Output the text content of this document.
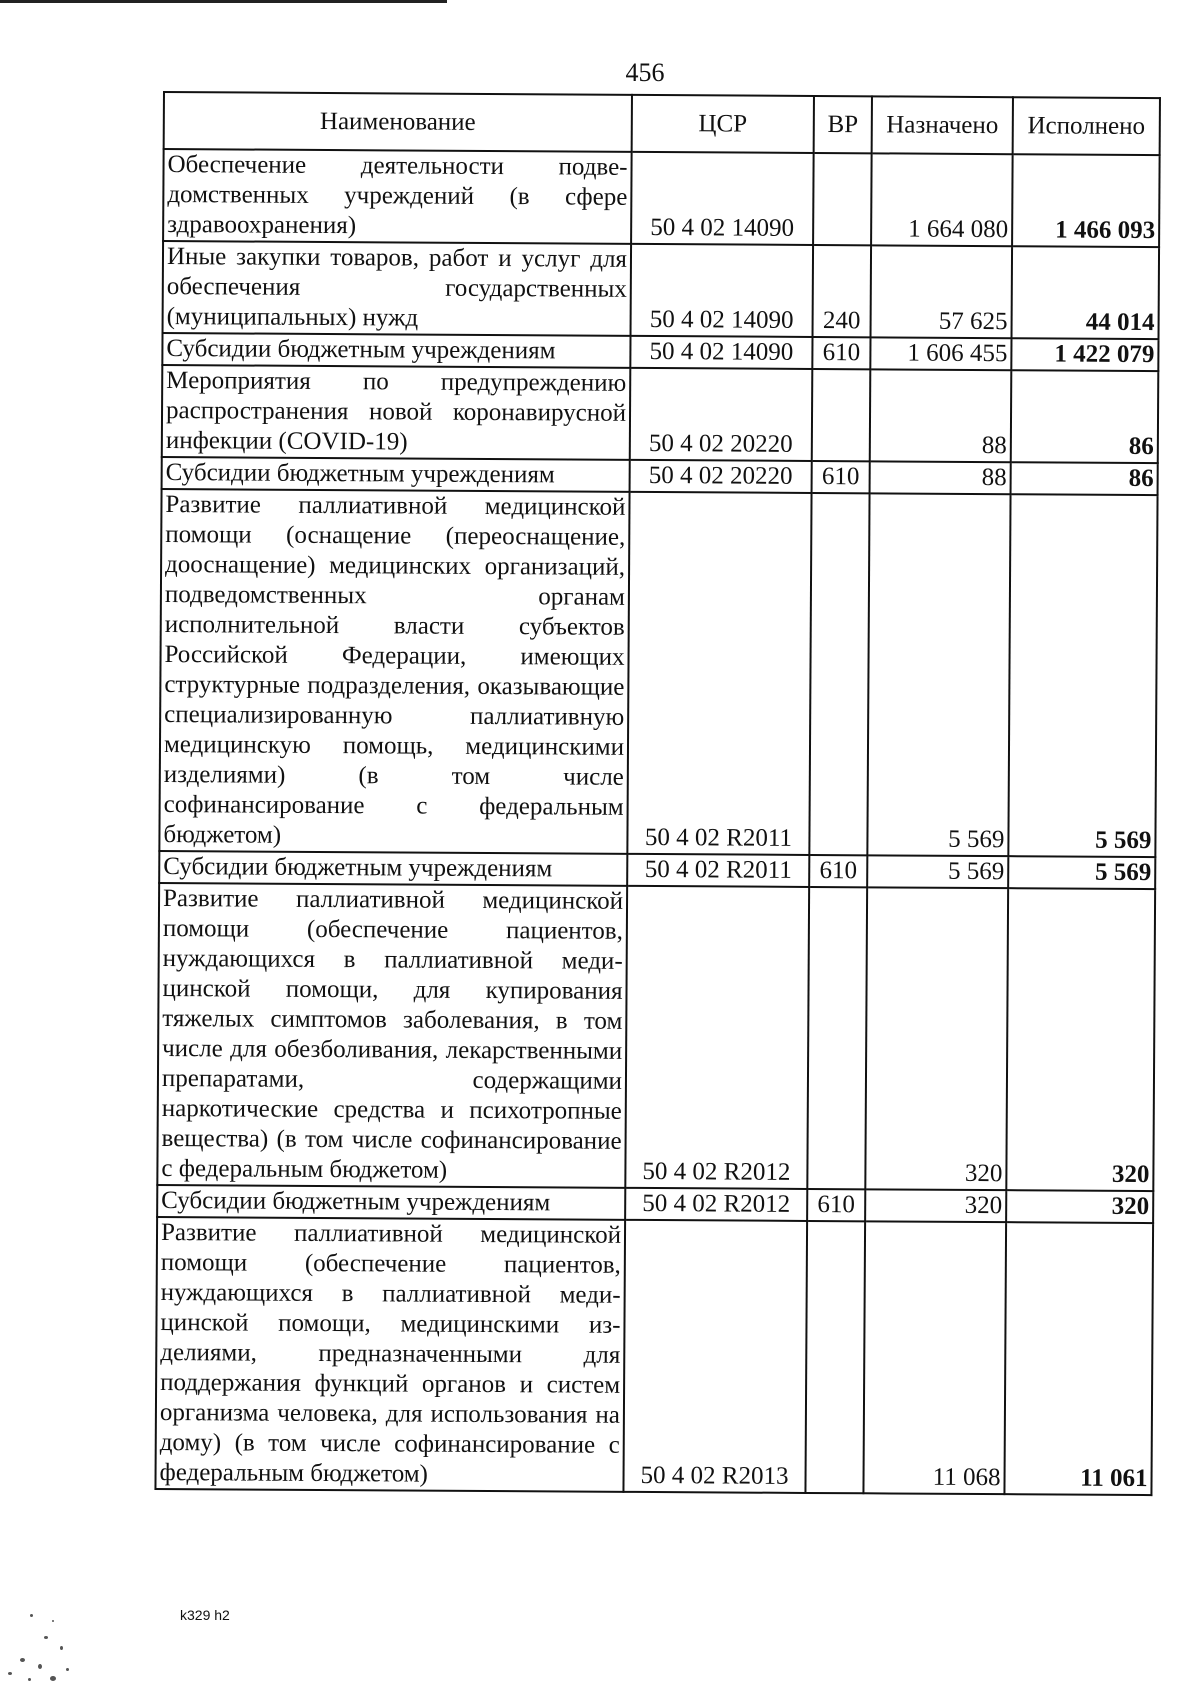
456
Наименование	ЦСР	ВР	Назначено	Исполнено
Обеспечение деятельности подведомственных учреждений (в сфере здравоохранения)	50 4 02 14090		1 664 080	1 466 093
Иные закупки товаров, работ и услуг для обеспечения государственных (муниципальных) нужд	50 4 02 14090	240	57 625	44 014
Субсидии бюджетным учреждениям	50 4 02 14090	610	1 606 455	1 422 079
Мероприятия по предупреждению распространения новой коронавирусной инфекции (COVID-19)	50 4 02 20220		88	86
Субсидии бюджетным учреждениям	50 4 02 20220	610	88	86
Развитие паллиативной медицинской помощи (оснащение (переоснащение, дооснащение) медицинских организаций, подведомственных органам исполнительной власти субъектов Российской Федерации, имеющих структурные подразделения, оказывающие специализированную паллиативную медицинскую помощь, медицинскими изделиями) (в том числе софинансирование с федеральным бюджетом)	50 4 02 R2011		5 569	5 569
Субсидии бюджетным учреждениям	50 4 02 R2011	610	5 569	5 569
Развитие паллиативной медицинской помощи (обеспечение пациентов, нуждающихся в паллиативной медицинской помощи, для купирования тяжелых симптомов заболевания, в том числе для обезболивания, лекарственными препаратами, содержащими наркотические средства и психотропные вещества) (в том числе софинансирование с федеральным бюджетом)	50 4 02 R2012		320	320
Субсидии бюджетным учреждениям	50 4 02 R2012	610	320	320
Развитие паллиативной медицинской помощи (обеспечение пациентов, нуждающихся в паллиативной медицинской помощи, медицинскими изделиями, предназначенными для поддержания функций органов и систем организма человека, для использования на дому) (в том числе софинансирование с федеральным бюджетом)	50 4 02 R2013		11 068	11 061
k329 h2
